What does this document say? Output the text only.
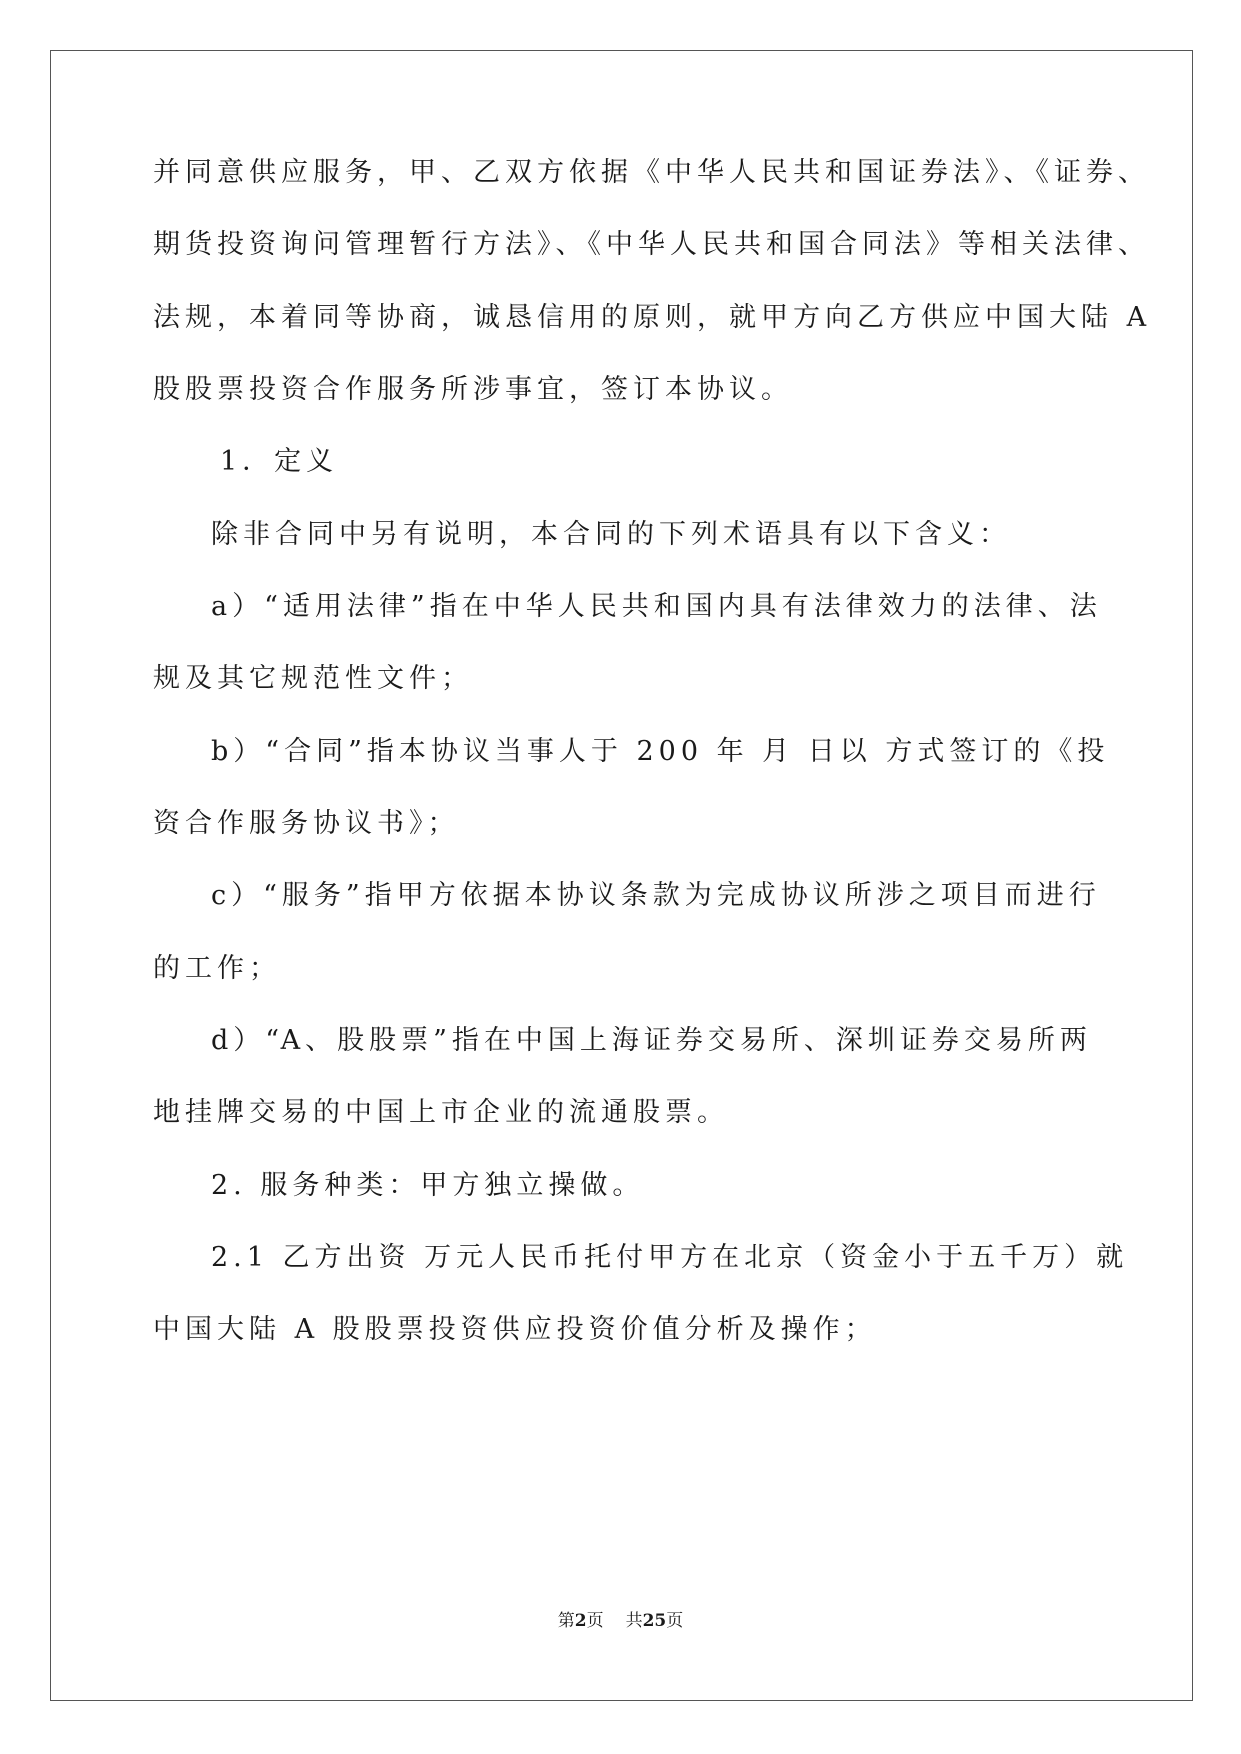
并同意供应服务，甲、乙双方依据《中华人民共和国证券法》、《证券、

期货投资询问管理暂行方法》、《中华人民共和国合同法》等相关法律、

法规，本着同等协商，诚恳信用的原则，就甲方向乙方供应中国大陆 A

股股票投资合作服务所涉事宜，签订本协议。

1．定义

除非合同中另有说明，本合同的下列术语具有以下含义：

a）“适用法律”指在中华人民共和国内具有法律效力的法律、法

规及其它规范性文件；

b）“合同”指本协议当事人于 200 年 月 日以 方式签订的《投

资合作服务协议书》；

c）“服务”指甲方依据本协议条款为完成协议所涉之项目而进行

的工作；

d）“A、股股票”指在中国上海证券交易所、深圳证券交易所两

地挂牌交易的中国上市企业的流通股票。

2. 服务种类：甲方独立操做。

2.1 乙方出资 万元人民币托付甲方在北京（资金小于五千万）就

中国大陆 A 股股票投资供应投资价值分析及操作；

第2页 共25页
